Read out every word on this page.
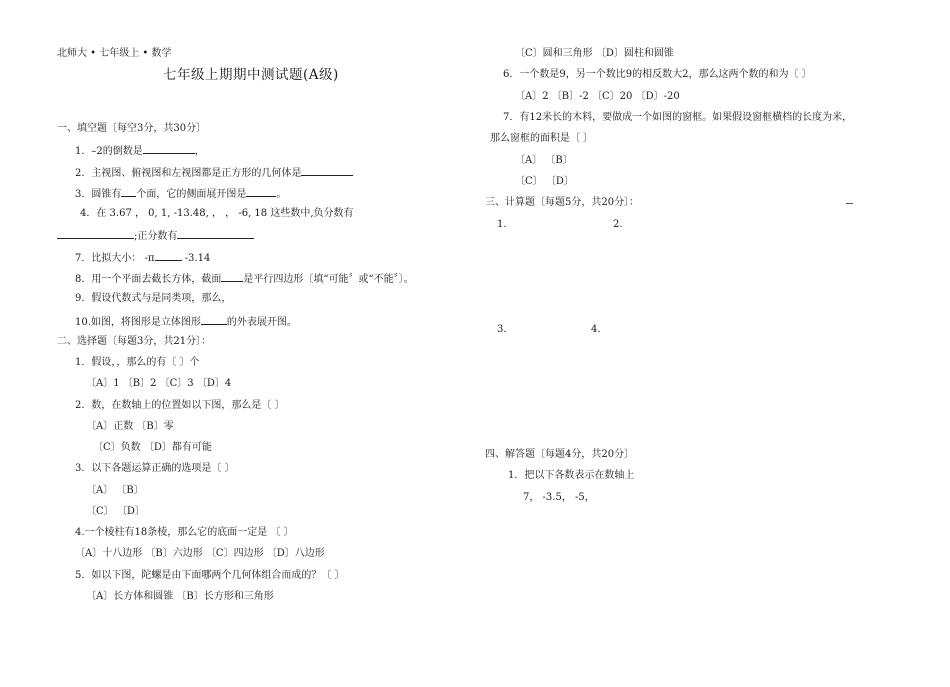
北师大 • 七年级上 • 数学
七年级上期期中测试题(A级)
一、填空题〔每空3分，共30分〕
1．–2的倒数是	，
2．主视图、俯视图和左视图都是正方形的几何体是
3．圆锥有 个面，它的侧面展开图是	。
4．在 3.67 ， 0, 1, -13.48, ， ， -6, 18 这些数中,负分数有
;正分数有
7．比拟大小： -π	-3.14
8．用一个平面去截长方体，截面 是平行四边形〔填“可能〞或“不能〞〕。
9．假设代数式与是同类项，那么，
10.如图，将图形是立体图形	的外表展开图。
二、选择题〔每题3分，共21分〕：
1．假设，，那么的有〔 〕个
〔A〕1 〔B〕2 〔C〕3 〔D〕4
2．数，在数轴上的位置如以下图，那么是〔 〕
〔A〕正数 〔B〕零
〔C〕负数 〔D〕都有可能
3．以下各题运算正确的选项是〔 〕
〔A〕 〔B〕
〔C〕 〔D〕
4.一个棱柱有18条棱，那么它的底面一定是 〔 〕
〔A〕十八边形 〔B〕六边形 〔C〕四边形 〔D〕八边形
5．如以下图，陀螺是由下面哪两个几何体组合而成的？〔 〕
〔A〕长方体和圆锥 〔B〕长方形和三角形
〔C〕圆和三角形 〔D〕圆柱和圆锥
6．一个数是9，另一个数比9的相反数大2，那么这两个数的和为〔 〕
〔A〕2 〔B〕-2 〔C〕20 〔D〕-20
7．有12米长的木料，要做成一个如图的窗框。如果假设窗框横档的长度为米，
那么窗框的面积是〔 〕
〔A〕 〔B〕
〔C〕 〔D〕
三、计算题〔每题5分，共20分〕：
1.	2.
3.	4.
四、解答题〔每题4分，共20分〕
1．把以下各数表示在数轴上
7， -3.5， -5，
